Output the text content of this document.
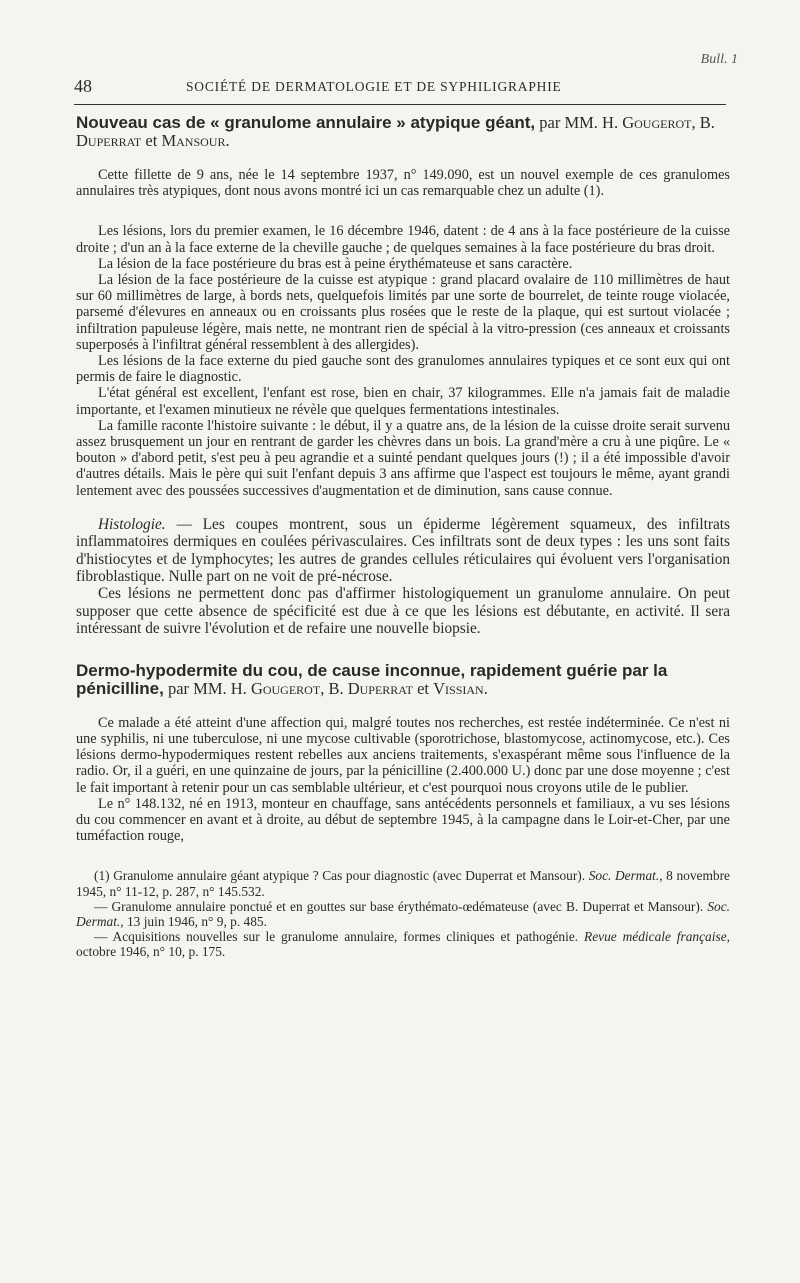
Bull. 1
48	SOCIÉTÉ DE DERMATOLOGIE ET DE SYPHILIGRAPHIE
Nouveau cas de « granulome annulaire » atypique géant, par MM. H. Gougerot, B. Duperrat et Mansour.

Cette fillette de 9 ans, née le 14 septembre 1937, n° 149.090, est un nouvel exemple de ces granulomes annulaires très atypiques, dont nous avons montré ici un cas remarquable chez un adulte (1).

Les lésions, lors du premier examen, le 16 décembre 1946, datent : de 4 ans à la face postérieure de la cuisse droite ; d'un an à la face externe de la cheville gauche ; de quelques semaines à la face postérieure du bras droit.

La lésion de la face postérieure du bras est à peine érythémateuse et sans caractère.

La lésion de la face postérieure de la cuisse est atypique : grand placard ovalaire de 110 millimètres de haut sur 60 millimètres de large, à bords nets, quelquefois limités par une sorte de bourrelet, de teinte rouge violacée, parsemé d'élevures en anneaux ou en croissants plus rosées que le reste de la plaque, qui est surtout violacée ; infiltration papuleuse légère, mais nette, ne montrant rien de spécial à la vitro-pression (ces anneaux et croissants superposés à l'infiltrat général ressemblent à des allergides).

Les lésions de la face externe du pied gauche sont des granulomes annulaires typiques et ce sont eux qui ont permis de faire le diagnostic.

L'état général est excellent, l'enfant est rose, bien en chair, 37 kilogrammes. Elle n'a jamais fait de maladie importante, et l'examen minutieux ne révèle que quelques fermentations intestinales.

La famille raconte l'histoire suivante : le début, il y a quatre ans, de la lésion de la cuisse droite serait survenu assez brusquement un jour en rentrant de garder les chèvres dans un bois. La grand'mère a cru à une piqûre. Le « bouton » d'abord petit, s'est peu à peu agrandie et a suinté pendant quelques jours (!) ; il a été impossible d'avoir d'autres détails. Mais le père qui suit l'enfant depuis 3 ans affirme que l'aspect est toujours le même, ayant grandi lentement avec des poussées successives d'augmentation et de diminution, sans cause connue.

Histologie. — Les coupes montrent, sous un épiderme légèrement squameux, des infiltrats inflammatoires dermiques en coulées périvasculaires. Ces infiltrats sont de deux types : les uns sont faits d'histiocytes et de lymphocytes; les autres de grandes cellules réticulaires qui évoluent vers l'organisation fibroblastique. Nulle part on ne voit de pré-nécrose.

Ces lésions ne permettent donc pas d'affirmer histologiquement un granulome annulaire. On peut supposer que cette absence de spécificité est due à ce que les lésions est débutante, en activité. Il sera intéressant de suivre l'évolution et de refaire une nouvelle biopsie.

Dermo-hypodermite du cou, de cause inconnue, rapidement guérie par la pénicilline, par MM. H. Gougerot, B. Duperrat et Vissian.

Ce malade a été atteint d'une affection qui, malgré toutes nos recherches, est restée indéterminée. Ce n'est ni une syphilis, ni une tuberculose, ni une mycose cultivable (sporotrichose, blastomycose, actinomycose, etc.). Ces lésions dermo-hypodermiques restent rebelles aux anciens traitements, s'exaspérant même sous l'influence de la radio. Or, il a guéri, en une quinzaine de jours, par la pénicilline (2.400.000 U.) donc par une dose moyenne ; c'est le fait important à retenir pour un cas semblable ultérieur, et c'est pourquoi nous croyons utile de le publier.

Le n° 148.132, né en 1913, monteur en chauffage, sans antécédents personnels et familiaux, a vu ses lésions du cou commencer en avant et à droite, au début de septembre 1945, à la campagne dans le Loir-et-Cher, par une tuméfaction rouge,

(1) Granulome annulaire géant atypique ? Cas pour diagnostic (avec Duperrat et Mansour). Soc. Dermat., 8 novembre 1945, n° 11-12, p. 287, n° 145.532.

— Granulome annulaire ponctué et en gouttes sur base érythémato-œdémateuse (avec B. Duperrat et Mansour). Soc. Dermat., 13 juin 1946, n° 9, p. 485.

— Acquisitions nouvelles sur le granulome annulaire, formes cliniques et pathogénie. Revue médicale française, octobre 1946, n° 10, p. 175.
